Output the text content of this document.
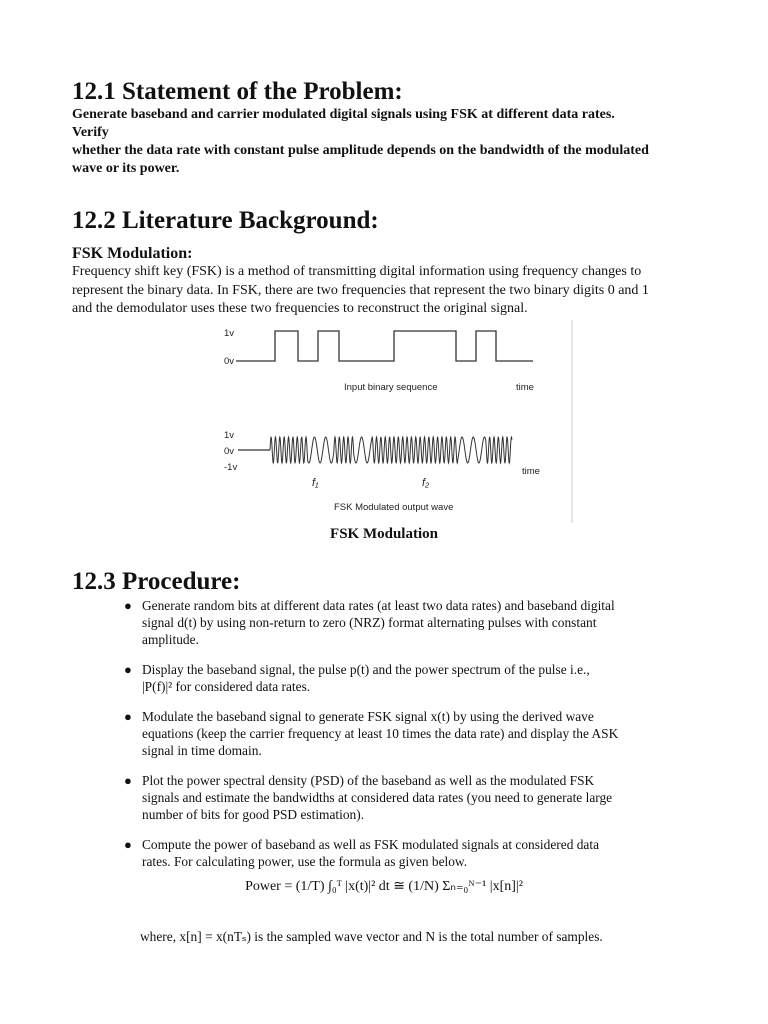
12.1 Statement of the Problem:

Generate baseband and carrier modulated digital signals using FSK at different data rates.

Verify

whether the data rate with constant pulse amplitude depends on the bandwidth of the modulated

wave or its power.

12.2 Literature Background:

FSK Modulation:

Frequency shift key (FSK) is a method of transmitting digital information using frequency changes to

represent the binary data. In FSK, there are two frequencies that represent the two binary digits 0 and 1

and the demodulator uses these two frequencies to reconstruct the original signal.

1v
0v
Input binary sequence	time
1v
0v
-1v	time
f₁	f₂
FSK Modulated output wave
FSK Modulation
12.3 Procedure:
● Generate random bits at different data rates (at least two data rates) and baseband digital
signal d(t) by using non-return to zero (NRZ) format alternating pulses with constant
amplitude.
● Display the baseband signal, the pulse p(t) and the power spectrum of the pulse i.e.,
|P(f)|² for considered data rates.
● Modulate the baseband signal to generate FSK signal x(t) by using the derived wave
equations (keep the carrier frequency at least 10 times the data rate) and display the ASK
signal in time domain.
● Plot the power spectral density (PSD) of the baseband as well as the modulated FSK
signals and estimate the bandwidths at considered data rates (you need to generate large
number of bits for good PSD estimation).
● Compute the power of baseband as well as FSK modulated signals at considered data
rates. For calculating power, use the formula as given below.
Power = (1/T) ∫₀ᵀ |x(t)|² dt ≅ (1/N) Σₙ₌₀ᴺ⁻¹ |x[n]|²
where, x[n] = x(nTₛ) is the sampled wave vector and N is the total number of samples.
